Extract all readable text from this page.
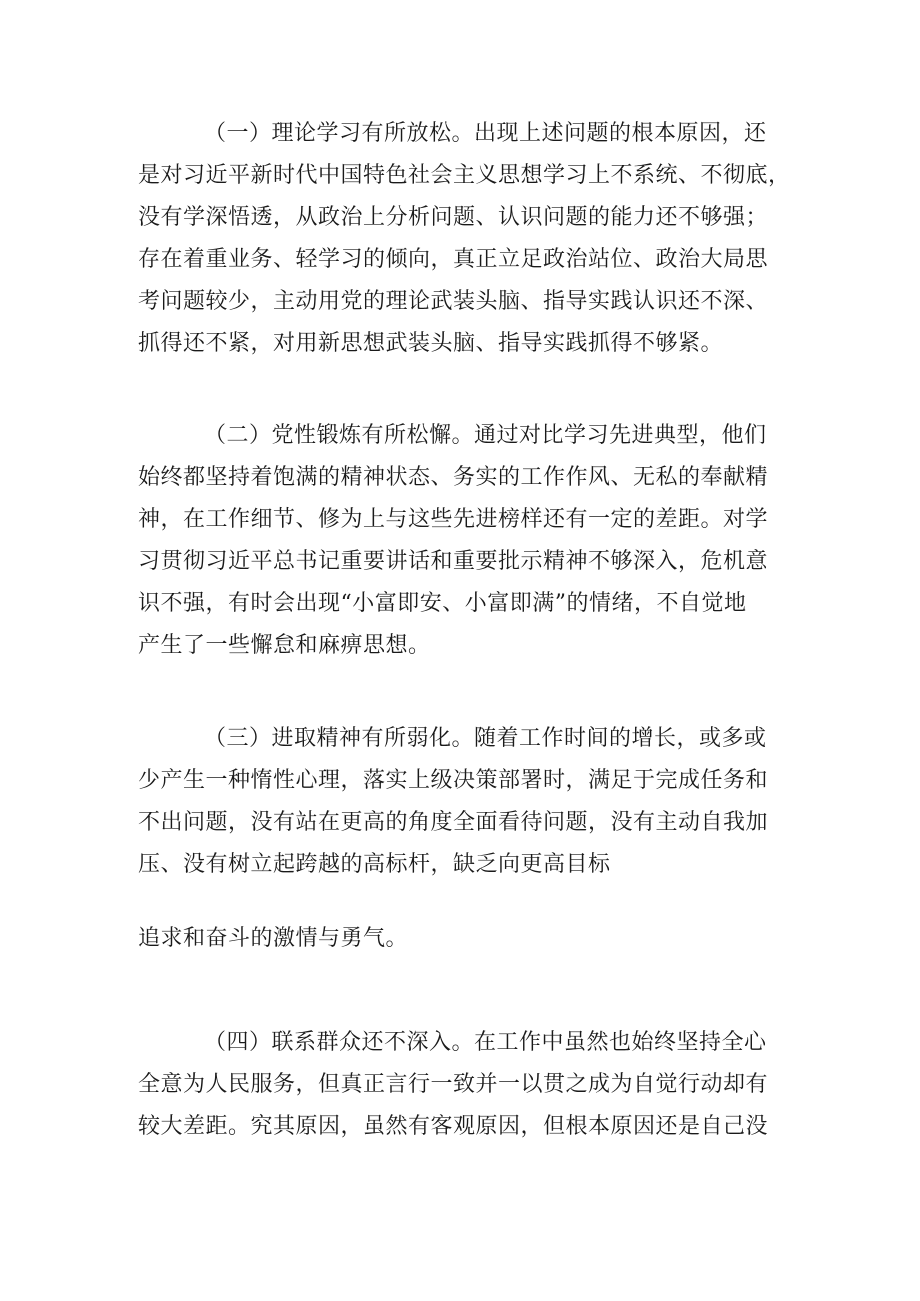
（一）理论学习有所放松。出现上述问题的根本原因，还
是对习近平新时代中国特色社会主义思想学习上不系统、不彻底，
没有学深悟透，从政治上分析问题、认识问题的能力还不够强；
存在着重业务、轻学习的倾向，真正立足政治站位、政治大局思
考问题较少，主动用党的理论武装头脑、指导实践认识还不深、
抓得还不紧，对用新思想武装头脑、指导实践抓得不够紧。
（二）党性锻炼有所松懈。通过对比学习先进典型，他们
始终都坚持着饱满的精神状态、务实的工作作风、无私的奉献精
神，在工作细节、修为上与这些先进榜样还有一定的差距。对学
习贯彻习近平总书记重要讲话和重要批示精神不够深入，危机意
识不强，有时会出现“小富即安、小富即满”的情绪，不自觉地
产生了一些懈怠和麻痹思想。
（三）进取精神有所弱化。随着工作时间的增长，或多或
少产生一种惰性心理，落实上级决策部署时，满足于完成任务和
不出问题，没有站在更高的角度全面看待问题，没有主动自我加
压、没有树立起跨越的高标杆，缺乏向更高目标
追求和奋斗的激情与勇气。
（四）联系群众还不深入。在工作中虽然也始终坚持全心
全意为人民服务，但真正言行一致并一以贯之成为自觉行动却有
较大差距。究其原因，虽然有客观原因，但根本原因还是自己没
